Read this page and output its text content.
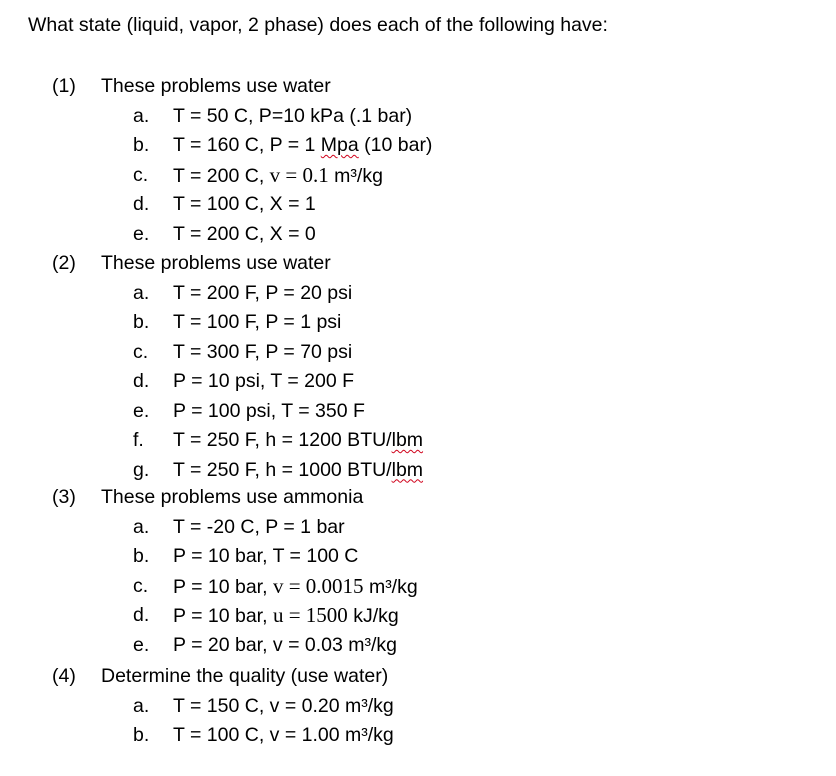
What state (liquid, vapor, 2 phase) does each of the following have:
(1) These problems use water
a. T = 50 C, P=10 kPa (.1 bar)
b. T = 160 C, P = 1 Mpa (10 bar)
c. T = 200 C, v = 0.1 m³/kg
d. T = 100 C, X = 1
e. T = 200 C, X = 0
(2) These problems use water
a. T = 200 F, P = 20 psi
b. T = 100 F, P = 1 psi
c. T = 300 F, P = 70 psi
d. P = 10 psi, T = 200 F
e. P = 100 psi, T = 350 F
f. T = 250 F, h = 1200 BTU/lbm
g. T = 250 F, h = 1000 BTU/lbm
(3) These problems use ammonia
a. T = -20 C, P = 1 bar
b. P = 10 bar, T = 100 C
c. P = 10 bar, v = 0.0015 m³/kg
d. P = 10 bar, u = 1500 kJ/kg
e. P = 20 bar, v = 0.03 m³/kg
(4) Determine the quality (use water)
a. T = 150 C, v = 0.20 m³/kg
b. T = 100 C, v = 1.00 m³/kg
